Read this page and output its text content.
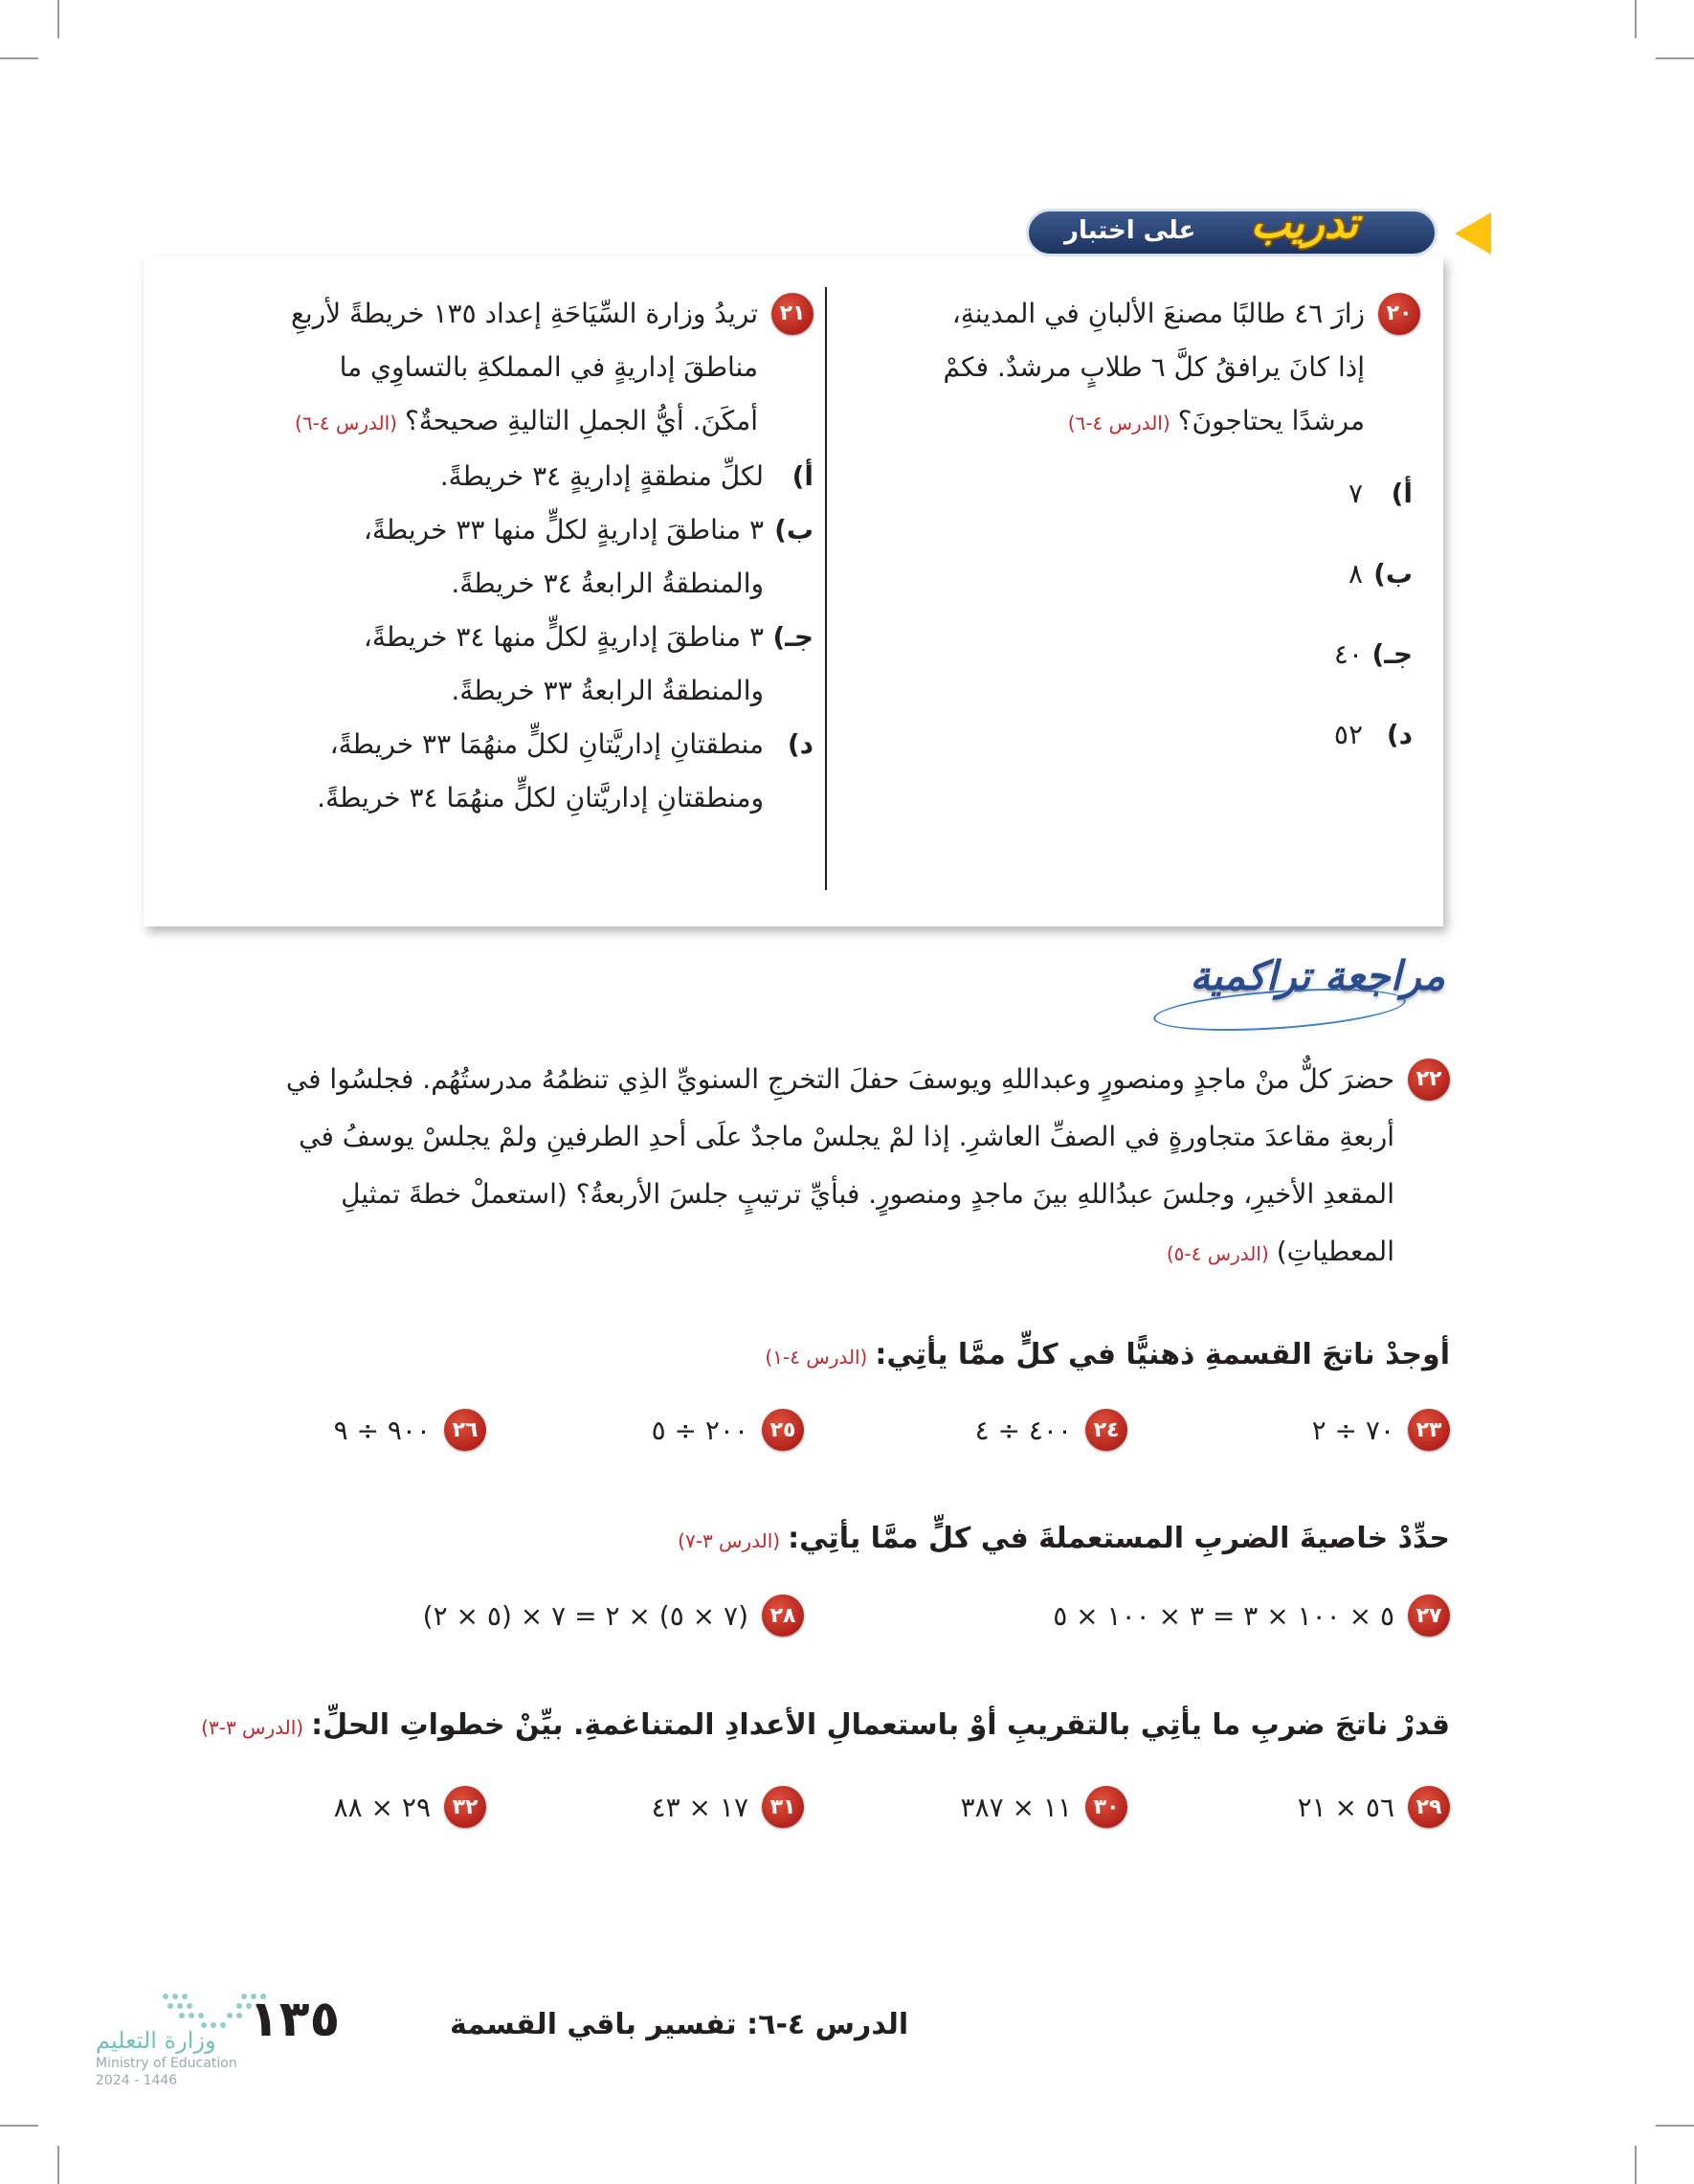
على اختبار تدريب
٢٠
زارَ ٤٦ طالبًا مصنعَ الألبانِ في المدينةِ،
إذا كانَ يرافقُ كلَّ ٦ طلابٍ مرشدٌ. فكمْ
مرشدًا يحتاجونَ؟(الدرس ٤-٦)
أ)
٧
ب)
٨
جـ)
٤٠
د)
٥٢
٢١
تريدُ وزارة السِّيَاحَةِ إعداد ١٣٥ خريطةً لأربعِ
مناطقَ إداريةٍ في المملكةِ بالتساوِي ما
أمكَنَ. أيُّ الجملِ التاليةِ صحيحةٌ؟(الدرس ٤-٦)
أ)
لكلِّ منطقةٍ إداريةٍ ٣٤ خريطةً.
ب)
٣ مناطقَ إداريةٍ لكلٍّ منها ٣٣ خريطةً،
والمنطقةُ الرابعةُ ٣٤ خريطةً.
جـ)
٣ مناطقَ إداريةٍ لكلٍّ منها ٣٤ خريطةً،
والمنطقةُ الرابعةُ ٣٣ خريطةً.
د)
منطقتانِ إداريَّتانِ لكلٍّ منهُمَا ٣٣ خريطةً،
ومنطقتانِ إداريَّتانِ لكلٍّ منهُمَا ٣٤ خريطةً.
مراجعة تراكمية
٢٢
حضرَ كلٌّ منْ ماجدٍ ومنصورٍ وعبداللهِ ويوسفَ حفلَ التخرجِ السنويِّ الذِي تنظمُهُ مدرستُهُم. فجلسُوا في
أربعةِ مقاعدَ متجاورةٍ في الصفِّ العاشرِ. إذا لمْ يجلسْ ماجدٌ علَى أحدِ الطرفينِ ولمْ يجلسْ يوسفُ في
المقعدِ الأخيرِ، وجلسَ عبدُاللهِ بينَ ماجدٍ ومنصورٍ. فبأيِّ ترتيبٍ جلسَ الأربعةُ؟ (استعملْ خطةَ تمثيلِ
المعطياتِ)(الدرس ٤-٥)
أوجدْ ناتجَ القسمةِ ذهنيًّا في كلٍّ ممَّا يأتِي:(الدرس ٤-١)
٢٣
٧٠ ÷ ٢
٢٤
٤٠٠ ÷ ٤
٢٥
٢٠٠ ÷ ٥
٢٦
٩٠٠ ÷ ٩
حدِّدْ خاصيةَ الضربِ المستعملةَ في كلٍّ ممَّا يأتِي:(الدرس ٣-٧)
٢٧
٥ × ١٠٠ × ٣ = ٣ × ١٠٠ × ٥
٢٨
(٧ × ٥) × ٢ = ٧ × (٥ × ٢)
قدرْ ناتجَ ضربِ ما يأتِي بالتقريبِ أوْ باستعمالِ الأعدادِ المتناغمةِ. بيِّنْ خطواتِ الحلِّ:(الدرس ٣-٣)
٢٩
٥٦ × ٢١
٣٠
١١ × ٣٨٧
٣١
١٧ × ٤٣
٣٢
٢٩ × ٨٨
وزارة التعليم
Ministry of Education
2024 - 1446
١٣٥	الدرس ٤-٦: تفسير باقي القسمة
